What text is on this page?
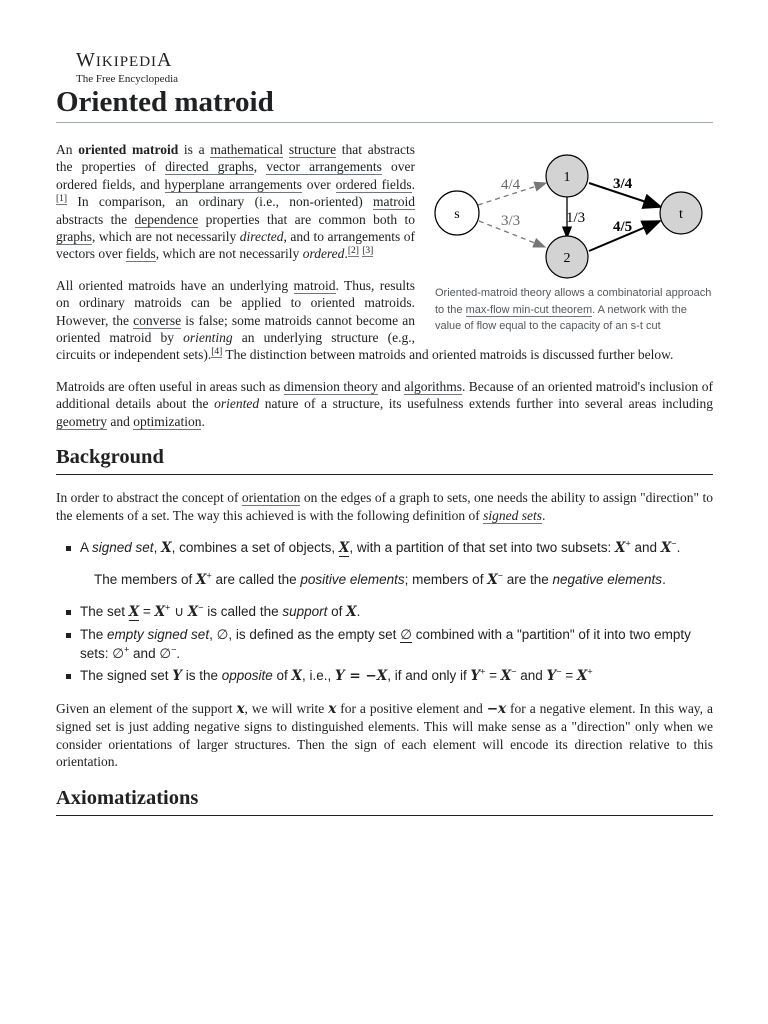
WIKIPEDIA
The Free Encyclopedia
Oriented matroid
s
1
2
t
4/4
3/3
3/4
1/3
4/5
Oriented-matroid theory allows a combinatorial approach to the max-flow min-cut theorem. A network with the value of flow equal to the capacity of an s-t cut

An oriented matroid is a mathematical structure that abstracts the properties of directed graphs, vector arrangements over ordered fields, and hyperplane arrangements over ordered fields.[1] In comparison, an ordinary (i.e., non-oriented) matroid abstracts the dependence properties that are common both to graphs, which are not necessarily directed, and to arrangements of vectors over fields, which are not necessarily ordered.[2] [3]

All oriented matroids have an underlying matroid. Thus, results on ordinary matroids can be applied to oriented matroids. However, the converse is false; some matroids cannot become an oriented matroid by orienting an underlying structure (e.g., circuits or independent sets).[4] The distinction between matroids and oriented matroids is discussed further below.

Matroids are often useful in areas such as dimension theory and algorithms. Because of an oriented matroid's inclusion of additional details about the oriented nature of a structure, its usefulness extends further into several areas including geometry and optimization.

Background

In order to abstract the concept of orientation on the edges of a graph to sets, one needs the ability to assign "direction" to the elements of a set. The way this achieved is with the following definition of signed sets.

A signed set, X, combines a set of objects, X, with a partition of that set into two subsets: X+ and X−.
The members of X+ are called the positive elements; members of X− are the negative elements.
The set X = X+ ∪ X− is called the support of X.
The empty signed set, ∅, is defined as the empty set ∅ combined with a "partition" of it into two empty sets: ∅+ and ∅−.
The signed set Y is the opposite of X, i.e., Y = −X, if and only if Y+ = X− and Y− = X+

Given an element of the support x, we will write x for a positive element and −x for a negative element. In this way, a signed set is just adding negative signs to distinguished elements. This will make sense as a "direction" only when we consider orientations of larger structures. Then the sign of each element will encode its direction relative to this orientation.

Axiomatizations
